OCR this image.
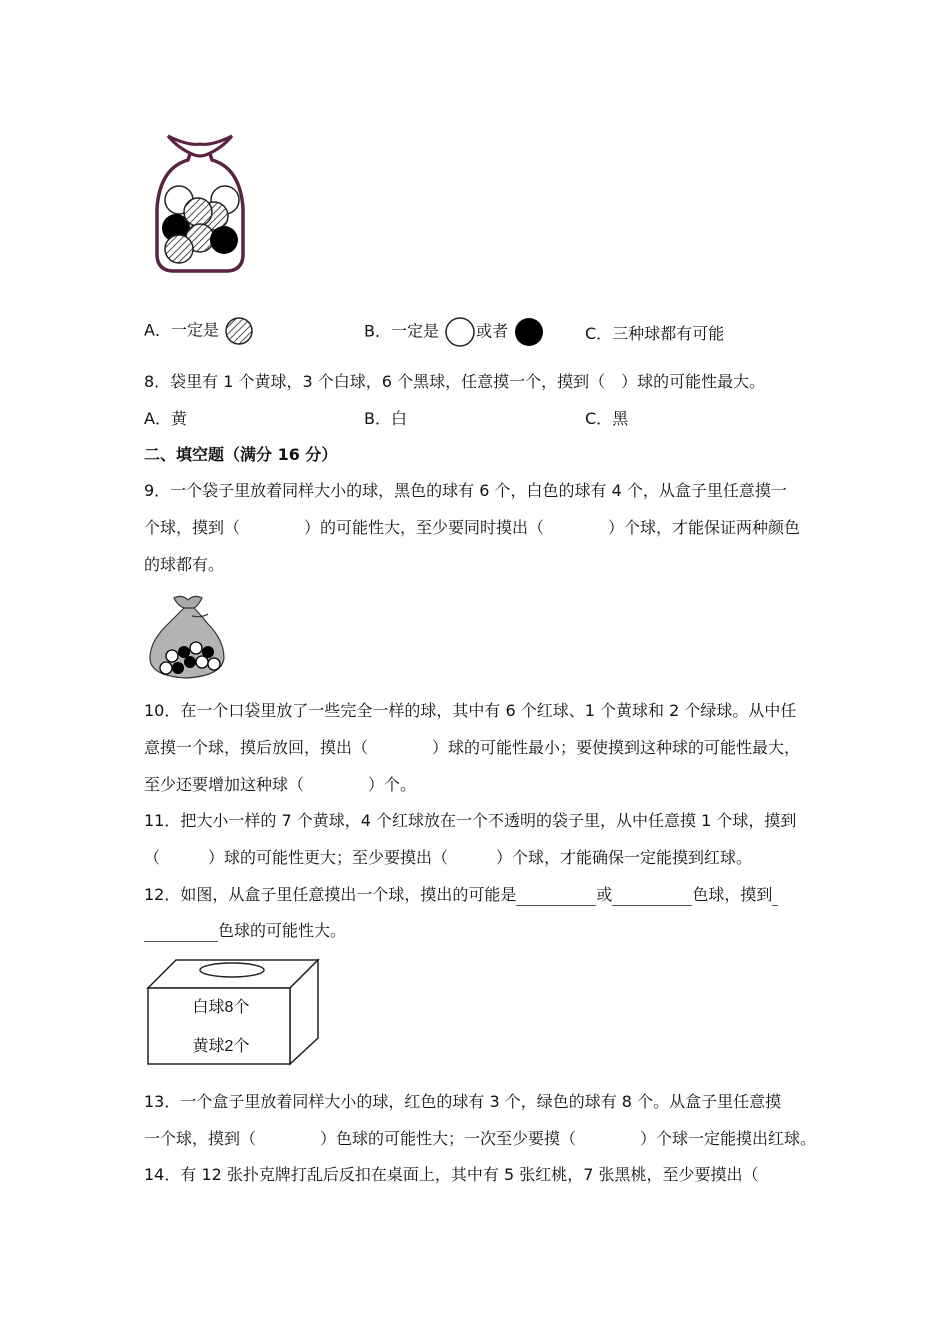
A．一定是	B．一定是 或者	C．三种球都有可能
8．袋里有 1 个黄球，3 个白球，6 个黑球，任意摸一个，摸到（　）球的可能性最大。
A．黄	B．白	C．黑
二、填空题（满分 16 分）
9．一个袋子里放着同样大小的球，黑色的球有 6 个，白色的球有 4 个，从盒子里任意摸一
个球，摸到（　　　　）的可能性大，至少要同时摸出（　　　　）个球，才能保证两种颜色
的球都有。
10．在一个口袋里放了一些完全一样的球，其中有 6 个红球、1 个黄球和 2 个绿球。从中任
意摸一个球，摸后放回，摸出（　　　　）球的可能性最小；要使摸到这种球的可能性最大，
至少还要增加这种球（　　　　）个。
11．把大小一样的 7 个黄球，4 个红球放在一个不透明的袋子里，从中任意摸 1 个球，摸到
（　　　）球的可能性更大；至少要摸出（　　　）个球，才能确保一定能摸到红球。
12．如图，从盒子里任意摸出一个球，摸出的可能是	或	色球，摸到
色球的可能性大。
白球8个
黄球2个
13．一个盒子里放着同样大小的球，红色的球有 3 个，绿色的球有 8 个。从盒子里任意摸
一个球，摸到（　　　　）色球的可能性大；一次至少要摸（　　　　）个球一定能摸出红球。
14．有 12 张扑克牌打乱后反扣在桌面上，其中有 5 张红桃，7 张黑桃，至少要摸出（
